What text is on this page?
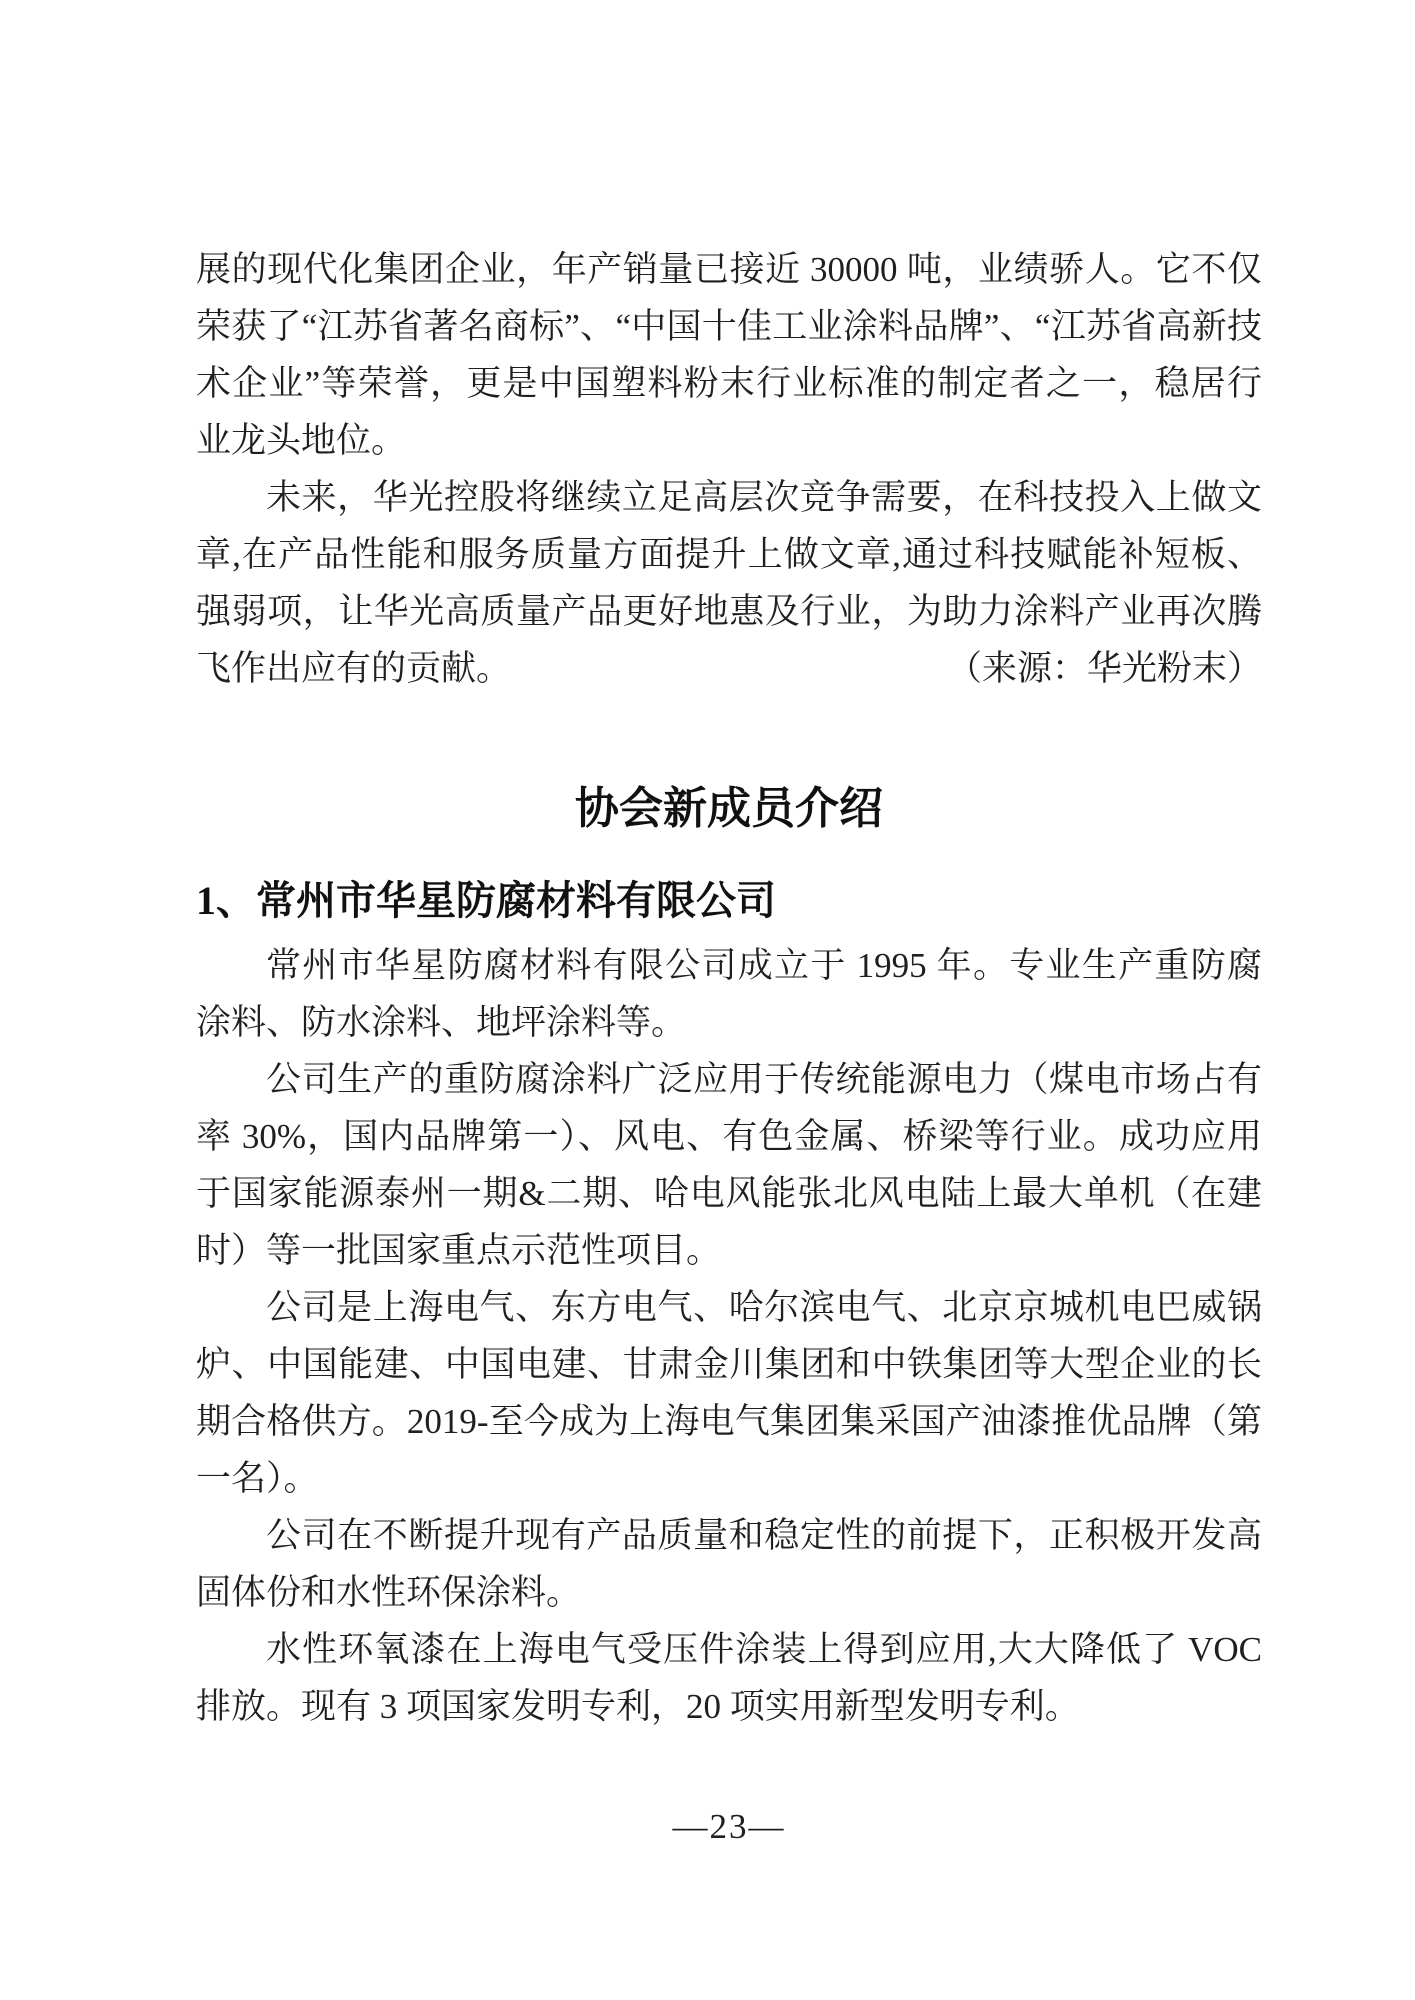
展的现代化集团企业，年产销量已接近 30000 吨，业绩骄人。它不仅
荣获了“江苏省著名商标”、“中国十佳工业涂料品牌”、“江苏省高新技
术企业”等荣誉，更是中国塑料粉末行业标准的制定者之一，稳居行
业龙头地位。
未来，华光控股将继续立足高层次竞争需要，在科技投入上做文
章,在产品性能和服务质量方面提升上做文章,通过科技赋能补短板、
强弱项，让华光高质量产品更好地惠及行业，为助力涂料产业再次腾
飞作出应有的贡献。	（来源：华光粉末）
协会新成员介绍
1、常州市华星防腐材料有限公司
常州市华星防腐材料有限公司成立于 1995 年。专业生产重防腐
涂料、防水涂料、地坪涂料等。
公司生产的重防腐涂料广泛应用于传统能源电力（煤电市场占有
率 30%，国内品牌第一）、风电、有色金属、桥梁等行业。成功应用
于国家能源泰州一期&二期、哈电风能张北风电陆上最大单机（在建
时）等一批国家重点示范性项目。
公司是上海电气、东方电气、哈尔滨电气、北京京城机电巴威锅
炉、中国能建、中国电建、甘肃金川集团和中铁集团等大型企业的长
期合格供方。2019-至今成为上海电气集团集采国产油漆推优品牌（第
一名）。
公司在不断提升现有产品质量和稳定性的前提下，正积极开发高
固体份和水性环保涂料。
水性环氧漆在上海电气受压件涂装上得到应用,大大降低了 VOC
排放。现有 3 项国家发明专利，20 项实用新型发明专利。
—23—
